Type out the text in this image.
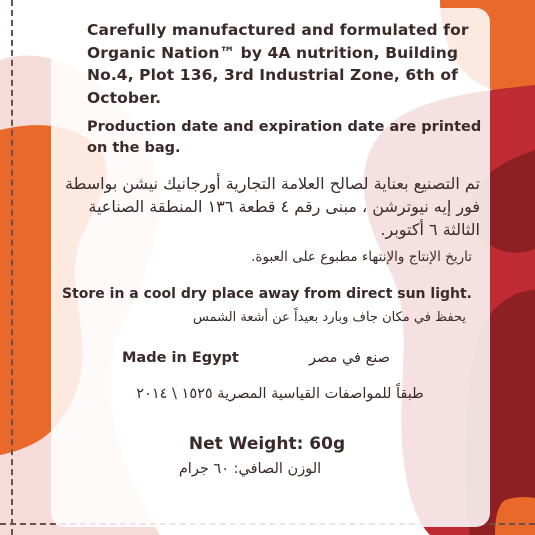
Carefully manufactured and formulated for Organic Nation™ by 4A nutrition, Building No.4, Plot 136, 3rd Industrial Zone, 6th of October.

Production date and expiration date are printed on the bag.

تم التصنيع بعناية لصالح العلامة التجارية أورجانيك نيشن بواسطة فور إيه نيوترشن ، مبنى رقم ٤ قطعة ١٣٦ المنطقة الصناعية الثالثة ٦ أكتوبر.

تاريخ الإنتاج والإنتهاء مطبوع على العبوة.

Store in a cool dry place away from direct sun light.

يحفظ في مكان جاف وبارد بعيداً عن أشعة الشمس

Made in Egypt	صنع في مصر

طبقاً للمواصفات القياسية المصرية ١٥٢٥ \ ٢٠١٤

Net Weight: 60g

الوزن الصافي: ٦٠ جرام
